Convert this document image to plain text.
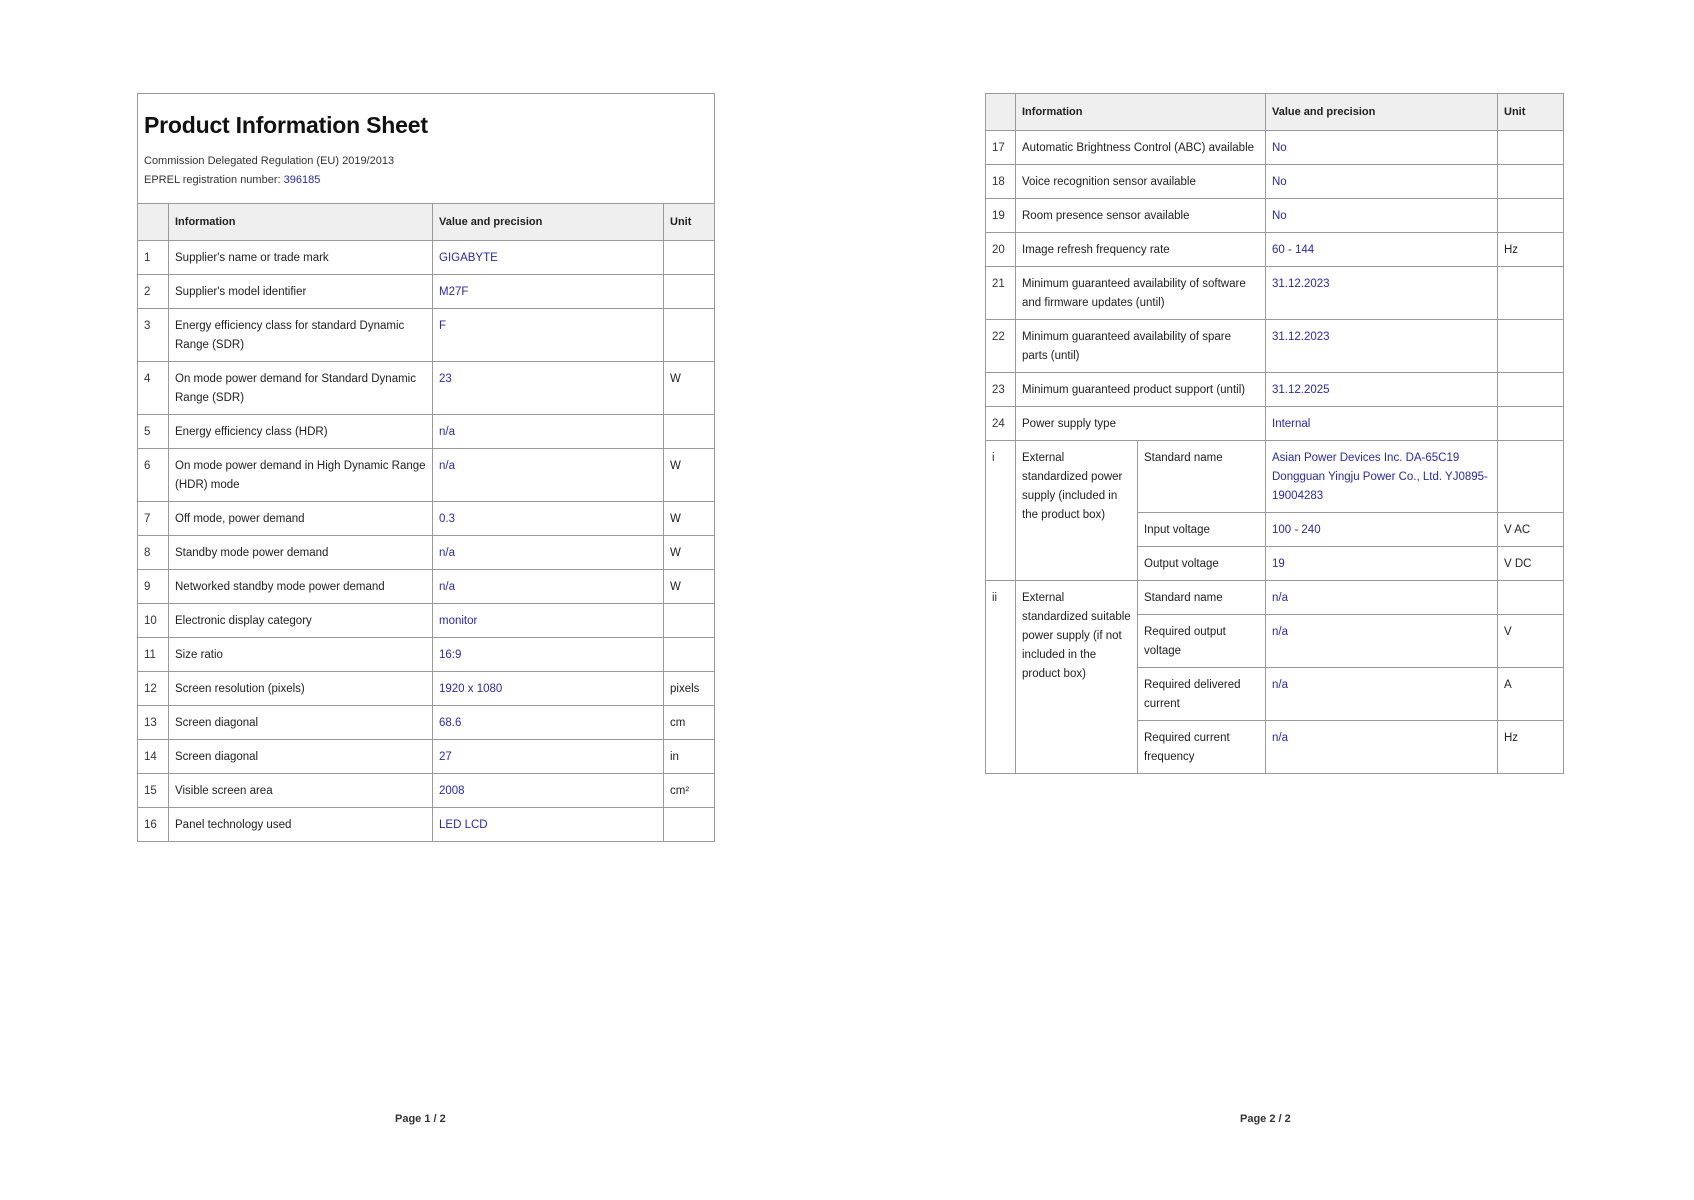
Product Information Sheet
Commission Delegated Regulation (EU) 2019/2013
EPREL registration number: 396185			

	Information	Value and precision	Unit
1	Supplier's name or trade mark	GIGABYTE	
2	Supplier's model identifier	M27F	
3	Energy efficiency class for standard Dynamic Range (SDR)	F	
4	On mode power demand for Standard Dynamic Range (SDR)	23	W
5	Energy efficiency class (HDR)	n/a	
6	On mode power demand in High Dynamic Range (HDR) mode	n/a	W
7	Off mode, power demand	0.3	W
8	Standby mode power demand	n/a	W
9	Networked standby mode power demand	n/a	W
10	Electronic display category	monitor	
11	Size ratio	16:9	
12	Screen resolution (pixels)	1920 x 1080	pixels
13	Screen diagonal	68.6	cm
14	Screen diagonal	27	in
15	Visible screen area	2008	cm²
16	Panel technology used	LED LCD	
Page 1 / 2
	Information		Value and precision	Unit
17	Automatic Brightness Control (ABC) available		No	
18	Voice recognition sensor available		No	
19	Room presence sensor available		No	
20	Image refresh frequency rate		60 - 144	Hz
21	Minimum guaranteed availability of software and firmware updates (until)		31.12.2023	
22	Minimum guaranteed availability of spare parts (until)		31.12.2023	
23	Minimum guaranteed product support (until)		31.12.2025	
24	Power supply type		Internal	
i	External standardized power supply (included in the product box)	Standard name	Asian Power Devices Inc. DA-65C19 Dongguan Yingju Power Co., Ltd. YJ0895-19004283	
		Input voltage	100 - 240	V AC
		Output voltage	19	V DC
ii	External standardized suitable power supply (if not included in the product box)	Standard name	n/a	
		Required output voltage	n/a	V
		Required delivered current	n/a	A
		Required current frequency	n/a	Hz
Page 2 / 2
